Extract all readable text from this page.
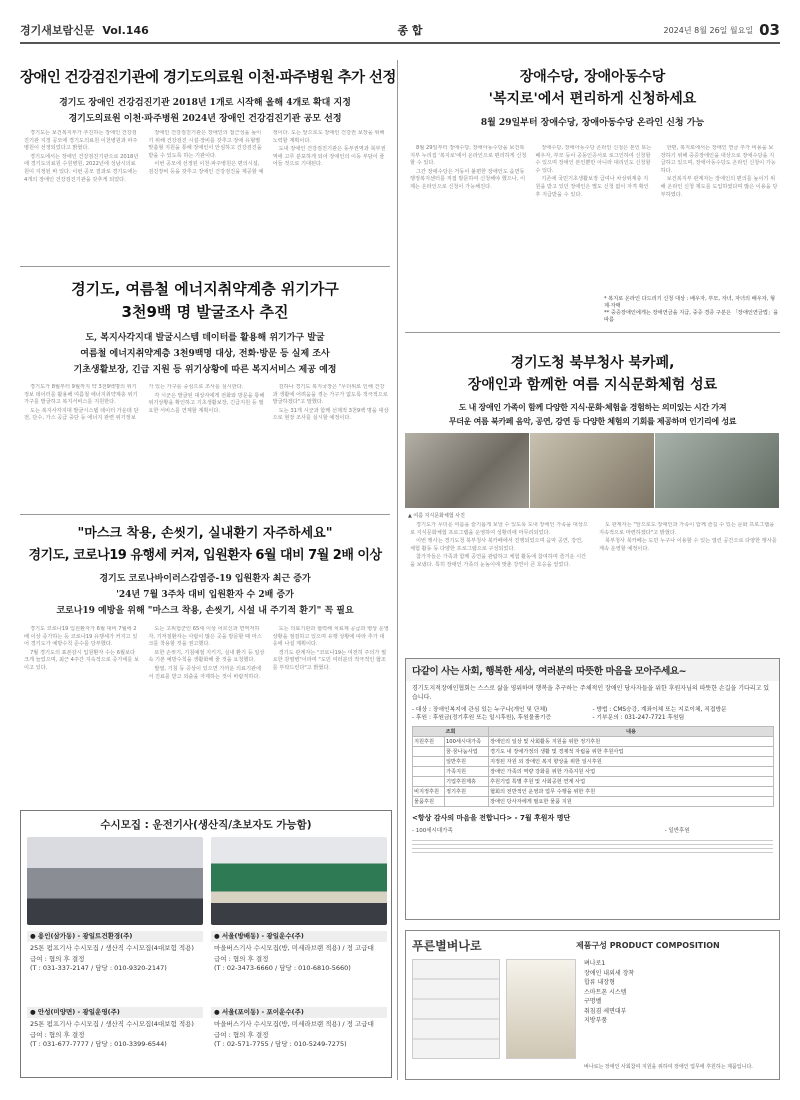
경기새보람신문 Vol.146	종 합	2024년 8월 26일 월요일 03
장애인 건강검진기관에 경기도의료원 이천·파주병원 추가 선정
경기도 장애인 건강검진기관 2018년 1개로 시작해 올해 4개로 확대 지정
경기도의료원 이천·파주병원 2024년 장애인 건강검진기관 공모 선정

경기도는 보건복지부가 추진하는 장애인 건강검진기관 지정 공모에 경기도의료원 이천병원과 파주병원이 선정되었다고 밝혔다.

경기도에서는 장애인 건강검진기관으로 2018년에 경기도의료원 수원병원, 2022년에 성남시의료원이 지정된 바 있다. 이번 공모 결과로 경기도에는 4개의 장애인 건강검진기관을 갖추게 되었다.

장애인 건강검진기관은 장애인의 접근성을 높이기 위해 건강검진 시설·장비를 갖추고 장애 유형별 맞춤형 지원을 통해 장애인이 안심하고 건강검진을 받을 수 있도록 하는 기관이다.

이번 공모에 선정된 이천·파주병원은 편의시설, 검진장비 등을 갖추고 장애인 건강검진을 제공할 예정이다. 도는 앞으로도 장애인 건강권 보장을 위해 노력할 계획이다.

도내 장애인 건강검진기관은 동부권역과 북부권역에 고루 분포하게 되어 장애인의 이동 부담이 줄어들 것으로 기대된다.

장애수당, 장애아동수당
'복지로'에서 편리하게 신청하세요
8월 29일부터 장애수당, 장애아동수당 온라인 신청 가능

8월 29일부터 장애수당, 장애아동수당을 보건복지부 누리집 '복지로'에서 온라인으로 편리하게 신청할 수 있다.

그간 장애수당은 거동이 불편한 장애인도 읍면동 행정복지센터를 직접 방문하여 신청해야 했으나, 이제는 온라인으로 신청이 가능해진다.

장애수당, 장애아동수당 온라인 신청은 본인 또는 배우자, 부모 등이 공동인증서로 로그인하여 신청할 수 있으며 장애인 본인뿐만 아니라 대리인도 신청할 수 있다.

기존에 국민기초생활보장 급여나 차상위계층 지원을 받고 있던 장애인은 별도 신청 없이 자격 확인 후 지급받을 수 있다.

한편, 복지로에서는 장애인 연금 추가 비용을 보장하기 위해 중증장애인을 대상으로 장애수당을 지급하고 있으며, 장애아동수당도 온라인 신청이 가능하다.

보건복지부 관계자는 장애인의 편의를 높이기 위해 온라인 신청 제도를 도입하였다며 많은 이용을 당부하였다.

* 복지로 온라인 다드리기 신청 대상 : 배우자, 부모, 자녀, 자녀의 배우자, 형제·자매
** 중증장애인에게는 장애연금을 지급, 중증 경증 구분은 「장애인연금법」을 따름
경기도, 여름철 에너지취약계층 위기가구
3천9백 명 발굴조사 추진
도, 복지사각지대 발굴시스템 데이터를 활용해 위기가구 발굴
여름철 에너지취약계층 3천9백명 대상, 전화·방문 등 실제 조사
기초생활보장, 긴급 지원 등 위기상황에 따른 복지서비스 제공 예정

경기도가 8월부터 9월까지 약 3천9백명의 위기정보 데이터를 활용해 여름철 에너지취약계층 위기가구를 발굴하고 복지서비스를 지원한다.

도는 복지사각지대 발굴시스템 데이터 가운데 단전, 단수, 가스 공급 중단 등 에너지 관련 위기정보가 있는 가구를 중심으로 조사를 실시한다.

각 시군은 발굴된 대상자에게 전화와 방문을 통해 위기상황을 확인하고 기초생활보장, 긴급지원 등 필요한 서비스를 연계할 계획이다.

김하나 경기도 복지국장은 "무더위로 인해 건강과 생활에 어려움을 겪는 가구가 없도록 적극적으로 발굴하겠다"고 말했다.

도는 31개 시군과 함께 선제적 3천9백 명을 대상으로 현장 조사를 실시할 예정이다.

경기도청 북부청사 북카페,
장애인과 함께한 여름 지식문화체험 성료
도 내 장애인 가족이 함께 다양한 지식·문화·체험을 경험하는 의미있는 시간 가져
무더운 여름 북카페 음악, 공연, 강연 등 다양한 체험의 기회를 제공하며 인기리에 성료
▲ 여름 지식문화체험 사진

경기도가 무더운 여름을 슬기롭게 보낼 수 있도록 도내 장애인 가족을 대상으로 지식문화체험 프로그램을 운영하여 성황리에 마무리되었다.

이번 행사는 경기도청 북부청사 북카페에서 진행되었으며 음악 공연, 강연, 체험 활동 등 다양한 프로그램으로 구성되었다.

참가자들은 가족과 함께 공연을 관람하고 체험 활동에 참여하며 즐거운 시간을 보냈다. 특히 장애인 가족의 눈높이에 맞춘 강연이 큰 호응을 얻었다.

도 관계자는 "앞으로도 장애인과 가족이 함께 즐길 수 있는 문화 프로그램을 지속적으로 마련하겠다"고 밝혔다.

북부청사 북카페는 도민 누구나 이용할 수 있는 열린 공간으로 다양한 행사를 계속 운영할 예정이다.

"마스크 착용, 손씻기, 실내환기 자주하세요"
경기도, 코로나19 유행세 커져, 입원환자 6월 대비 7월 2배 이상
경기도 코로나바이러스감염증-19 입원환자 최근 증가
'24년 7월 3주차 대비 입원환자 수 2배 증가
코로나19 예방을 위해 "마스크 착용, 손씻기, 시설 내 주기적 환기" 꼭 필요

경기도 코로나19 입원환자가 6월 대비 7월에 2배 이상 증가하는 등 코로나19 유행세가 커지고 있어 경기도가 예방수칙 준수를 당부했다.

7월 경기도의 표본감시 입원환자 수는 6월보다 크게 늘었으며, 최근 4주간 지속적으로 증가세를 보이고 있다.

도는 고위험군인 65세 이상 어르신과 면역저하자, 기저질환자는 사람이 많은 곳을 방문할 때 마스크를 착용할 것을 권고했다.

또한 손씻기, 기침예절 지키기, 실내 환기 등 일상 속 기본 예방수칙을 생활화해 줄 것을 요청했다.

발열, 기침 등 증상이 있으면 가까운 의료기관에서 진료를 받고 외출을 자제하는 것이 바람직하다.

도는 의료기관과 협력해 치료제 공급과 병상 운영 상황을 점검하고 있으며 유행 상황에 따라 추가 대응에 나설 계획이다.

경기도 관계자는 "코로나19는 여전히 주의가 필요한 감염병"이라며 "도민 여러분의 적극적인 협조를 부탁드린다"고 밝혔다.

수시모집 : 운전기사(생산직/초보자도 가능함)
● 용인(삼가동) - 광일트건환경(주)
25톤 펌프기사 수시모집 / 생산직 수시모집(4대보험 적용)
급여 : 협의 후 결정
(T : 031-337-2147 / 담당 : 010-9320-2147)
● 서울(방배동) - 광일운수(주)
마을버스기사 수시모집(방, 미세라브랜 적용) / 정 고급대
급여 : 협의 후 결정
(T : 02-3473-6660 / 담당 : 010-6810-5660)
● 안성(미양면) - 광일운영(주)
25톤 펌프기사 수시모집 / 생산직 수시모집(4대보험 적용)
급여 : 협의 후 결정
(T : 031-677-7777 / 담당 : 010-3399-6544)
● 서울(포이동) - 포이운수(주)
마을버스기사 수시모집(방, 미세라브랜 적용) / 정 고급대
급여 : 협의 후 결정
(T : 02-571-7755 / 담당 : 010-5249-7275)
다같이 사는 사회, 행복한 세상, 여러분의 따뜻한 마음을 모아주세요~
경기도지적장애인협회는 스스로 삶을 영위하며 행복을 추구하는 주체적인 장애인 당사자들을 위한 후원자님의 따뜻한 손길을 기다리고 있습니다.
- 대상 : 장애인복지에 관심 있는 누구나(개인 및 단체)
- 후원 : 후원금(정기후원 또는 일시후원), 후원물품기증
- 방법 : CMS승강, 계좌이체 또는 지로이체, 직접방문
- 기부문의 : 031-247-7721 후원팀
조회		내용
지원후원	100세시대가족	장애인의 일상 및 사회활동 지원을 위한 정기후원
	꿈·꿈나눔사업	경기도 내 장애가정의 생활 및 경제적 자립을 위한 후원사업
	일반후원	지정된 자원 외 장애인 복지 향상을 위한 일시후원
	가족지원	장애인 가족의 역량 강화를 위한 가족지원 사업
	기업후원제휴	후원기업 특별 후원 및 사회공헌 연계 사업
비지정후원	정기후원	협회의 전반적인 운영과 업무 수행을 위한 후원
물품후원		장애인 당사자에게 필요한 물품 지원
<항상 감사의 마음을 전합니다> - 7월 후원자 명단
- 100세시대가족	- 일반후원
푸른별벼나로	제품구성 PRODUCT COMPOSITION
벼나로1
장애인 내외세 장착
합류 내장형
스마트폰 시스템
구명벨
취침겸 세면대부
지방부품
벼나로는 장애인 사회참여 지원을 위하여 장애인 업무에 후원하는 제품입니다.
